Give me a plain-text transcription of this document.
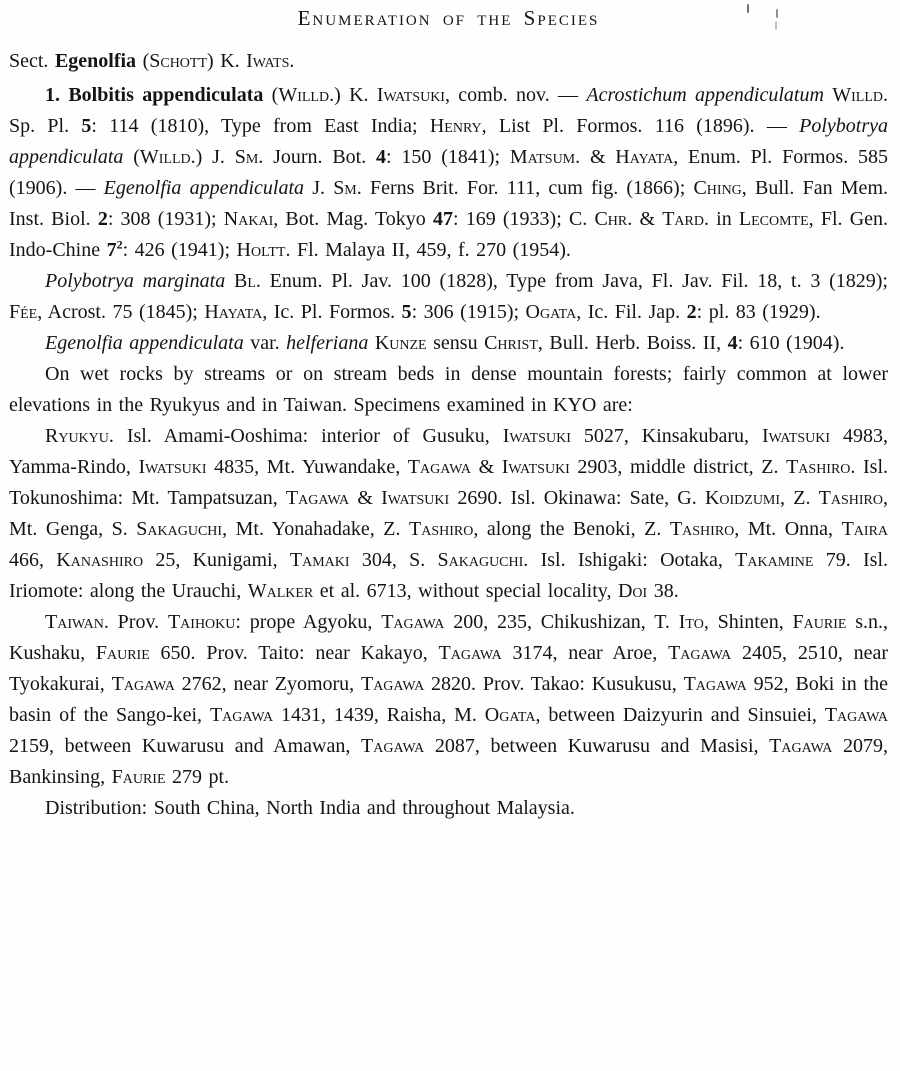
Enumeration of the Species

Sect. Egenolfia (Schott) K. Iwats.

1. Bolbitis appendiculata (Willd.) K. Iwatsuki, comb. nov. — Acrostichum appendiculatum Willd. Sp. Pl. 5: 114 (1810), Type from East India; Henry, List Pl. Formos. 116 (1896). — Polybotrya appendiculata (Willd.) J. Sm. Journ. Bot. 4: 150 (1841); Matsum. & Hayata, Enum. Pl. Formos. 585 (1906). — Egenolfia appendiculata J. Sm. Ferns Brit. For. 111, cum fig. (1866); Ching, Bull. Fan Mem. Inst. Biol. 2: 308 (1931); Nakai, Bot. Mag. Tokyo 47: 169 (1933); C. Chr. & Tard. in Lecomte, Fl. Gen. Indo-Chine $7^2$: 426 (1941); Holtt. Fl. Malaya II, 459, f. 270 (1954).

Polybotrya marginata Bl. Enum. Pl. Jav. 100 (1828), Type from Java, Fl. Jav. Fil. 18, t. 3 (1829); Fée, Acrost. 75 (1845); Hayata, Ic. Pl. Formos. 5: 306 (1915); Ogata, Ic. Fil. Jap. 2: pl. 83 (1929).

Egenolfia appendiculata var. helferiana Kunze sensu Christ, Bull. Herb. Boiss. II, 4: 610 (1904).

On wet rocks by streams or on stream beds in dense mountain forests; fairly common at lower elevations in the Ryukyus and in Taiwan. Specimens examined in KYO are:

Ryukyu. Isl. Amami-Ooshima: interior of Gusuku, Iwatsuki 5027, Kinsakubaru, Iwatsuki 4983, Yamma-Rindo, Iwatsuki 4835, Mt. Yuwandake, Tagawa & Iwatsuki 2903, middle district, Z. Tashiro. Isl. Tokunoshima: Mt. Tampatsuzan, Tagawa & Iwatsuki 2690. Isl. Okinawa: Sate, G. Koidzumi, Z. Tashiro, Mt. Genga, S. Sakaguchi, Mt. Yonahadake, Z. Tashiro, along the Benoki, Z. Tashiro, Mt. Onna, Taira 466, Kanashiro 25, Kunigami, Tamaki 304, S. Sakaguchi. Isl. Ishigaki: Ootaka, Takamine 79. Isl. Iriomote: along the Urauchi, Walker et al. 6713, without special locality, Doi 38.

Taiwan. Prov. Taihoku: prope Agyoku, Tagawa 200, 235, Chikushizan, T. Ito, Shinten, Faurie s.n., Kushaku, Faurie 650. Prov. Taito: near Kakayo, Tagawa 3174, near Aroe, Tagawa 2405, 2510, near Tyokakurai, Tagawa 2762, near Zyomoru, Tagawa 2820. Prov. Takao: Kusukusu, Tagawa 952, Boki in the basin of the Sango-kei, Tagawa 1431, 1439, Raisha, M. Ogata, between Daizyurin and Sinsuiei, Tagawa 2159, between Kuwarusu and Amawan, Tagawa 2087, between Kuwarusu and Masisi, Tagawa 2079, Bankinsing, Faurie 279 pt.

Distribution: South China, North India and throughout Malaysia.
